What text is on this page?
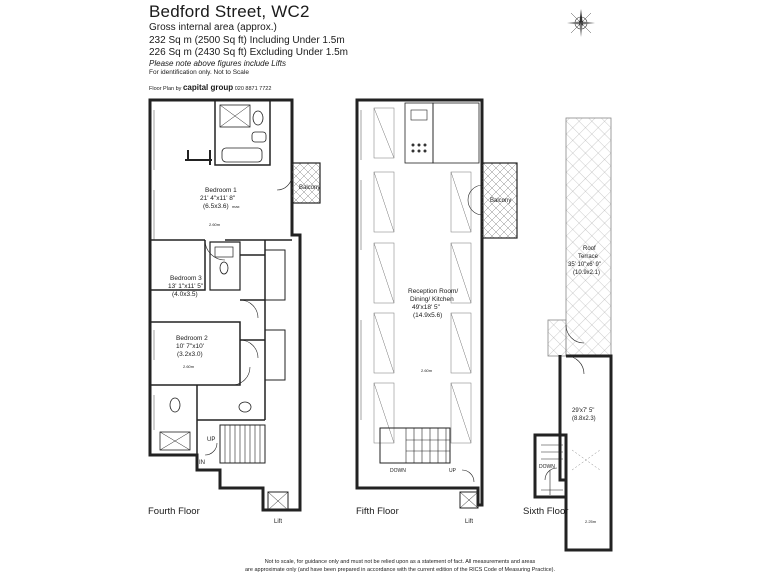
Bedford Street, WC2
Gross internal area (approx.)
232 Sq m (2500 Sq ft) Including Under 1.5m
226 Sq m (2430 Sq ft) Excluding Under 1.5m
Please note above figures include Lifts
For identification only. Not to Scale
Floor Plan by capital group 020 8871 7722
N
Bedroom 1
21' 4"x11' 8"
(6.5x3.6) max
2.60m
Balcony
Bedroom 3
13' 1"x11' 5"
(4.0x3.5)
Bedroom 2
10' 7"x10'
(3.2x3.0)
2.60m
UP
IN
Lift
Reception Room/
Dining/ Kitchen
49'x18' 5"
(14.9x5.6)
2.60m
Balcony
DOWN	UP
Lift
Roof
Terrace
35' 10"x6' 9"
(10.9x2.1)
29'x7' 5"
(8.8x2.3)
2.25m
DOWN
Fourth Floor	Fifth Floor	Sixth Floor
Not to scale, for guidance only and must not be relied upon as a statement of fact. All measurements and areas
are approximate only (and have been prepared in accordance with the current edition of the RICS Code of Measuring Practice).
